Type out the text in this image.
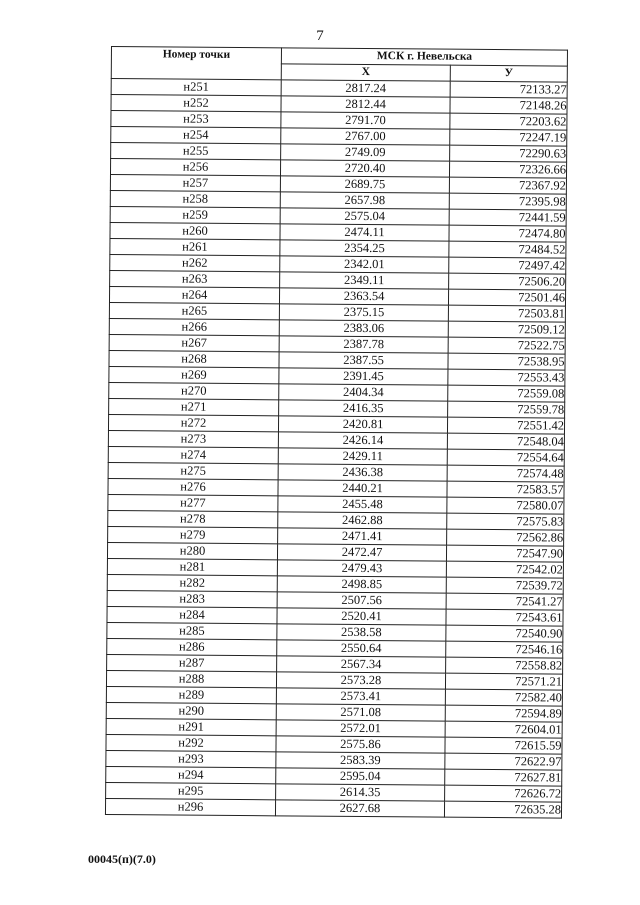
7
Номер точки	МСК г. Невельска	
	Х	У
н251	2817.24	72133.27
н252	2812.44	72148.26
н253	2791.70	72203.62
н254	2767.00	72247.19
н255	2749.09	72290.63
н256	2720.40	72326.66
н257	2689.75	72367.92
н258	2657.98	72395.98
н259	2575.04	72441.59
н260	2474.11	72474.80
н261	2354.25	72484.52
н262	2342.01	72497.42
н263	2349.11	72506.20
н264	2363.54	72501.46
н265	2375.15	72503.81
н266	2383.06	72509.12
н267	2387.78	72522.75
н268	2387.55	72538.95
н269	2391.45	72553.43
н270	2404.34	72559.08
н271	2416.35	72559.78
н272	2420.81	72551.42
н273	2426.14	72548.04
н274	2429.11	72554.64
н275	2436.38	72574.48
н276	2440.21	72583.57
н277	2455.48	72580.07
н278	2462.88	72575.83
н279	2471.41	72562.86
н280	2472.47	72547.90
н281	2479.43	72542.02
н282	2498.85	72539.72
н283	2507.56	72541.27
н284	2520.41	72543.61
н285	2538.58	72540.90
н286	2550.64	72546.16
н287	2567.34	72558.82
н288	2573.28	72571.21
н289	2573.41	72582.40
н290	2571.08	72594.89
н291	2572.01	72604.01
н292	2575.86	72615.59
н293	2583.39	72622.97
н294	2595.04	72627.81
н295	2614.35	72626.72
н296	2627.68	72635.28
00045(п)(7.0)
